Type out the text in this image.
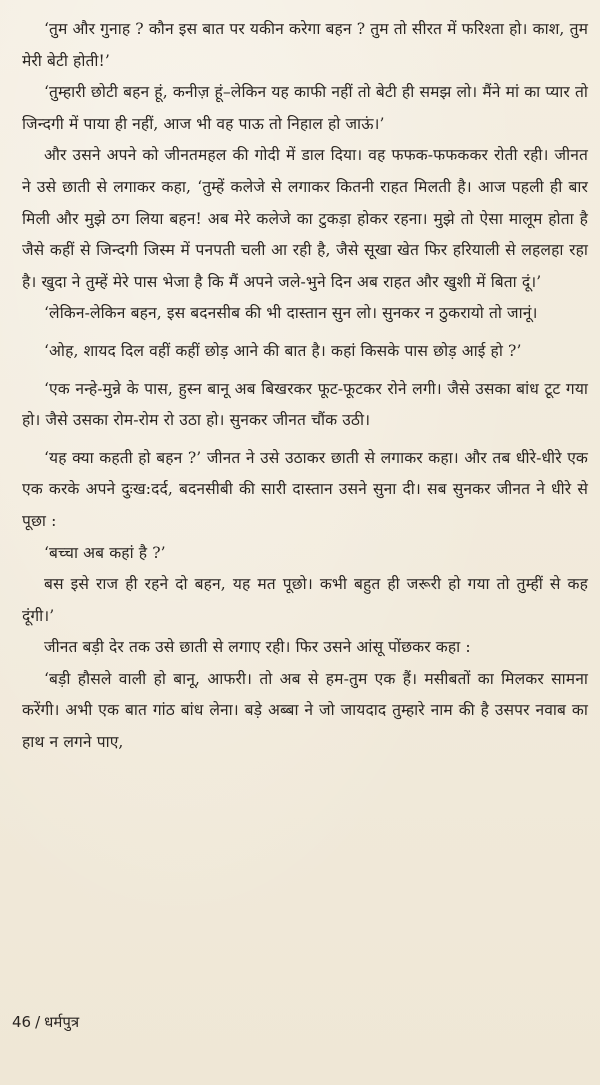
‘तुम और गुनाह ? कौन इस बात पर यकीन करेगा बहन ? तुम तो सीरत में फरिश्ता हो। काश, तुम मेरी बेटी होती!’

‘तुम्हारी छोटी बहन हूं, कनीज़ हूं–लेकिन यह काफी नहीं तो बेटी ही समझ लो। मैंने मां का प्यार तो जिन्दगी में पाया ही नहीं, आज भी वह पाऊ तो निहाल हो जाऊं।’

और उसने अपने को जीनतमहल की गोदी में डाल दिया। वह फफक-फफककर रोती रही। जीनत ने उसे छाती से लगाकर कहा, ‘तुम्हें कलेजे से लगाकर कितनी राहत मिलती है। आज पहली ही बार मिली और मुझे ठग लिया बहन! अब मेरे कलेजे का टुकड़ा होकर रहना। मुझे तो ऐसा मालूम होता है जैसे कहीं से जिन्दगी जिस्म में पनपती चली आ रही है, जैसे सूखा खेत फिर हरियाली से लहलहा रहा है। खुदा ने तुम्हें मेरे पास भेजा है कि मैं अपने जले-भुने दिन अब राहत और खुशी में बिता दूं।’

‘लेकिन-लेकिन बहन, इस बदनसीब की भी दास्तान सुन लो। सुनकर न ठुकरायो तो जानूं।

‘ओह, शायद दिल वहीं कहीं छोड़ आने की बात है। कहां किसके पास छोड़ आई हो ?’

‘एक नन्हे-मुन्ने के पास, हुस्न बानू अब बिखरकर फूट-फूटकर रोने लगी। जैसे उसका बांध टूट गया हो। जैसे उसका रोम-रोम रो उठा हो। सुनकर जीनत चौंक उठी।

‘यह क्या कहती हो बहन ?’ जीनत ने उसे उठाकर छाती से लगाकर कहा। और तब धीरे-धीरे एक एक करके अपने दुःख:दर्द, बदनसीबी की सारी दास्तान उसने सुना दी। सब सुनकर जीनत ने धीरे से पूछा :

‘बच्चा अब कहां है ?’

बस इसे राज ही रहने दो बहन, यह मत पूछो। कभी बहुत ही जरूरी हो गया तो तुम्हीं से कह दूंगी।’

जीनत बड़ी देर तक उसे छाती से लगाए रही। फिर उसने आंसू पोंछकर कहा :

‘बड़ी हौसले वाली हो बानू, आफरी। तो अब से हम-तुम एक हैं। मसीबतों का मिलकर सामना करेंगी। अभी एक बात गांठ बांध लेना। बड़े अब्बा ने जो जायदाद तुम्हारे नाम की है उसपर नवाब का हाथ न लगने पाए,

46 / धर्मपुत्र
